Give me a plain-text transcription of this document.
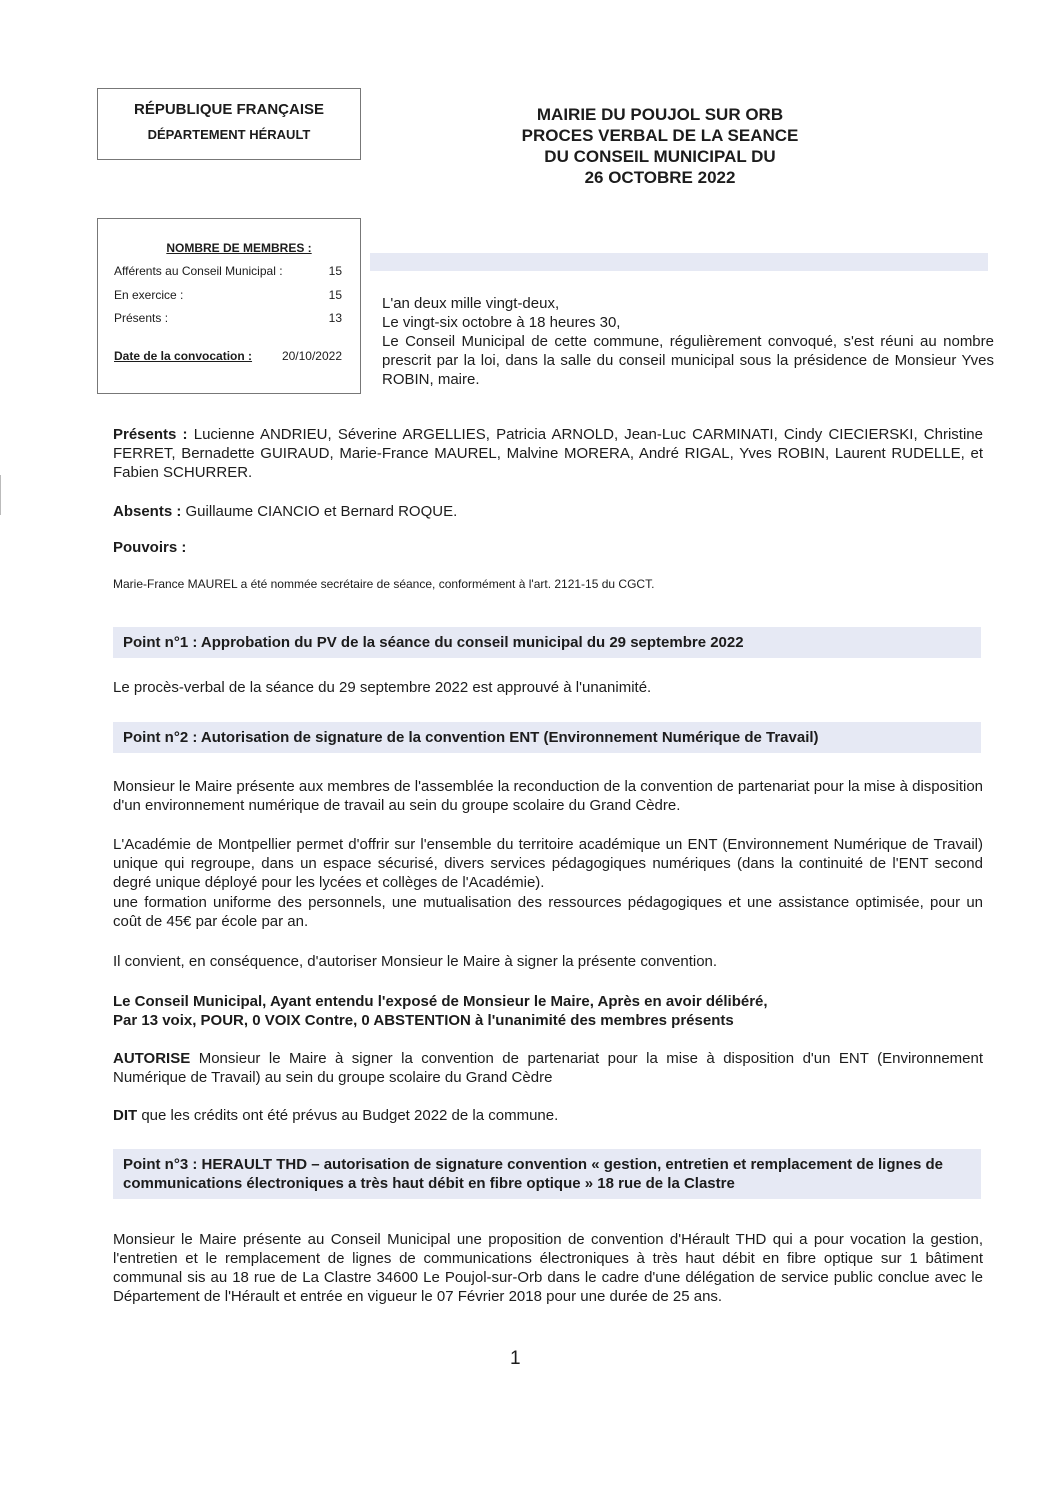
RÉPUBLIQUE FRANÇAISE
DÉPARTEMENT HÉRAULT
MAIRIE DU POUJOL SUR ORB
PROCES VERBAL DE LA SEANCE
DU CONSEIL MUNICIPAL DU
26 OCTOBRE 2022
NOMBRE DE MEMBRES :
Afférents au Conseil Municipal :	15
En exercice :	15
Présents :	13
Date de la convocation : 20/10/2022
L'an deux mille vingt-deux,
Le vingt-six octobre à 18 heures 30,
Le Conseil Municipal de cette commune, régulièrement convoqué, s'est réuni au nombre prescrit par la loi, dans la salle du conseil municipal sous la présidence de Monsieur Yves ROBIN, maire.
Présents : Lucienne ANDRIEU, Séverine ARGELLIES, Patricia ARNOLD, Jean-Luc CARMINATI, Cindy CIECIERSKI, Christine FERRET, Bernadette GUIRAUD, Marie-France MAUREL, Malvine MORERA, André RIGAL, Yves ROBIN, Laurent RUDELLE, et Fabien SCHURRER.
Absents : Guillaume CIANCIO et Bernard ROQUE.
Pouvoirs :
Marie-France MAUREL a été nommée secrétaire de séance, conformément à l'art. 2121-15 du CGCT.
Point n°1 : Approbation du PV de la séance du conseil municipal du 29 septembre 2022
Le procès-verbal de la séance du 29 septembre 2022 est approuvé à l'unanimité.
Point n°2 : Autorisation de signature de la convention ENT (Environnement Numérique de Travail)
Monsieur le Maire présente aux membres de l'assemblée la reconduction de la convention de partenariat pour la mise à disposition d'un environnement numérique de travail au sein du groupe scolaire du Grand Cèdre.
L'Académie de Montpellier permet d'offrir sur l'ensemble du territoire académique un ENT (Environnement Numérique de Travail) unique qui regroupe, dans un espace sécurisé, divers services pédagogiques numériques (dans la continuité de l'ENT second degré unique déployé pour les lycées et collèges de l'Académie).
une formation uniforme des personnels, une mutualisation des ressources pédagogiques et une assistance optimisée, pour un coût de 45€ par école par an.
Il convient, en conséquence, d'autoriser Monsieur le Maire à signer la présente convention.
Le Conseil Municipal, Ayant entendu l'exposé de Monsieur le Maire, Après en avoir délibéré,
Par 13 voix, POUR, 0 VOIX Contre, 0 ABSTENTION à l'unanimité des membres présents
AUTORISE Monsieur le Maire à signer la convention de partenariat pour la mise à disposition d'un ENT (Environnement Numérique de Travail) au sein du groupe scolaire du Grand Cèdre
DIT que les crédits ont été prévus au Budget 2022 de la commune.
Point n°3 : HERAULT THD – autorisation de signature convention « gestion, entretien et remplacement de lignes de communications électroniques a très haut débit en fibre optique » 18 rue de la Clastre
Monsieur le Maire présente au Conseil Municipal une proposition de convention d'Hérault THD qui a pour vocation la gestion, l'entretien et le remplacement de lignes de communications électroniques à très haut débit en fibre optique sur 1 bâtiment communal sis au 18 rue de La Clastre 34600 Le Poujol-sur-Orb dans le cadre d'une délégation de service public conclue avec le Département de l'Hérault et entrée en vigueur le 07 Février 2018 pour une durée de 25 ans.
1
